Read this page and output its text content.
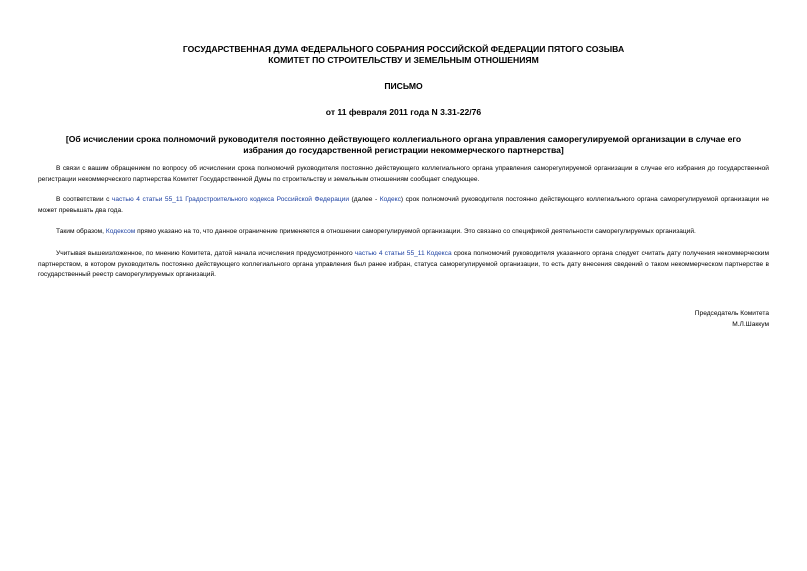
ГОСУДАРСТВЕННАЯ ДУМА ФЕДЕРАЛЬНОГО СОБРАНИЯ РОССИЙСКОЙ ФЕДЕРАЦИИ ПЯТОГО СОЗЫВА
КОМИТЕТ ПО СТРОИТЕЛЬСТВУ И ЗЕМЕЛЬНЫМ ОТНОШЕНИЯМ
ПИСЬМО
от 11 февраля 2011 года N 3.31-22/76
[Об исчислении срока полномочий руководителя постоянно действующего коллегиального органа управления саморегулируемой организации в случае его избрания до государственной регистрации некоммерческого партнерства]

В связи с вашим обращением по вопросу об исчислении срока полномочий руководителя постоянно действующего коллегиального органа управления саморегулируемой организации в случае его избрания до государственной регистрации некоммерческого партнерства Комитет Государственной Думы по строительству и земельным отношениям сообщает следующее.

В соответствии с частью 4 статьи 55_11 Градостроительного кодекса Российской Федерации (далее - Кодекс) срок полномочий руководителя постоянно действующего коллегиального органа саморегулируемой организации не может превышать два года.

Таким образом, Кодексом прямо указано на то, что данное ограничение применяется в отношении саморегулируемой организации. Это связано со спецификой деятельности саморегулируемых организаций.

Учитывая вышеизложенное, по мнению Комитета, датой начала исчисления предусмотренного частью 4 статьи 55_11 Кодекса срока полномочий руководителя указанного органа следует считать дату получения некоммерческим партнерством, в котором руководитель постоянно действующего коллегиального органа управления был ранее избран, статуса саморегулируемой организации, то есть дату внесения сведений о таком некоммерческом партнерстве в государственный реестр саморегулируемых организаций.

Председатель Комитета
М.Л.Шаккум
